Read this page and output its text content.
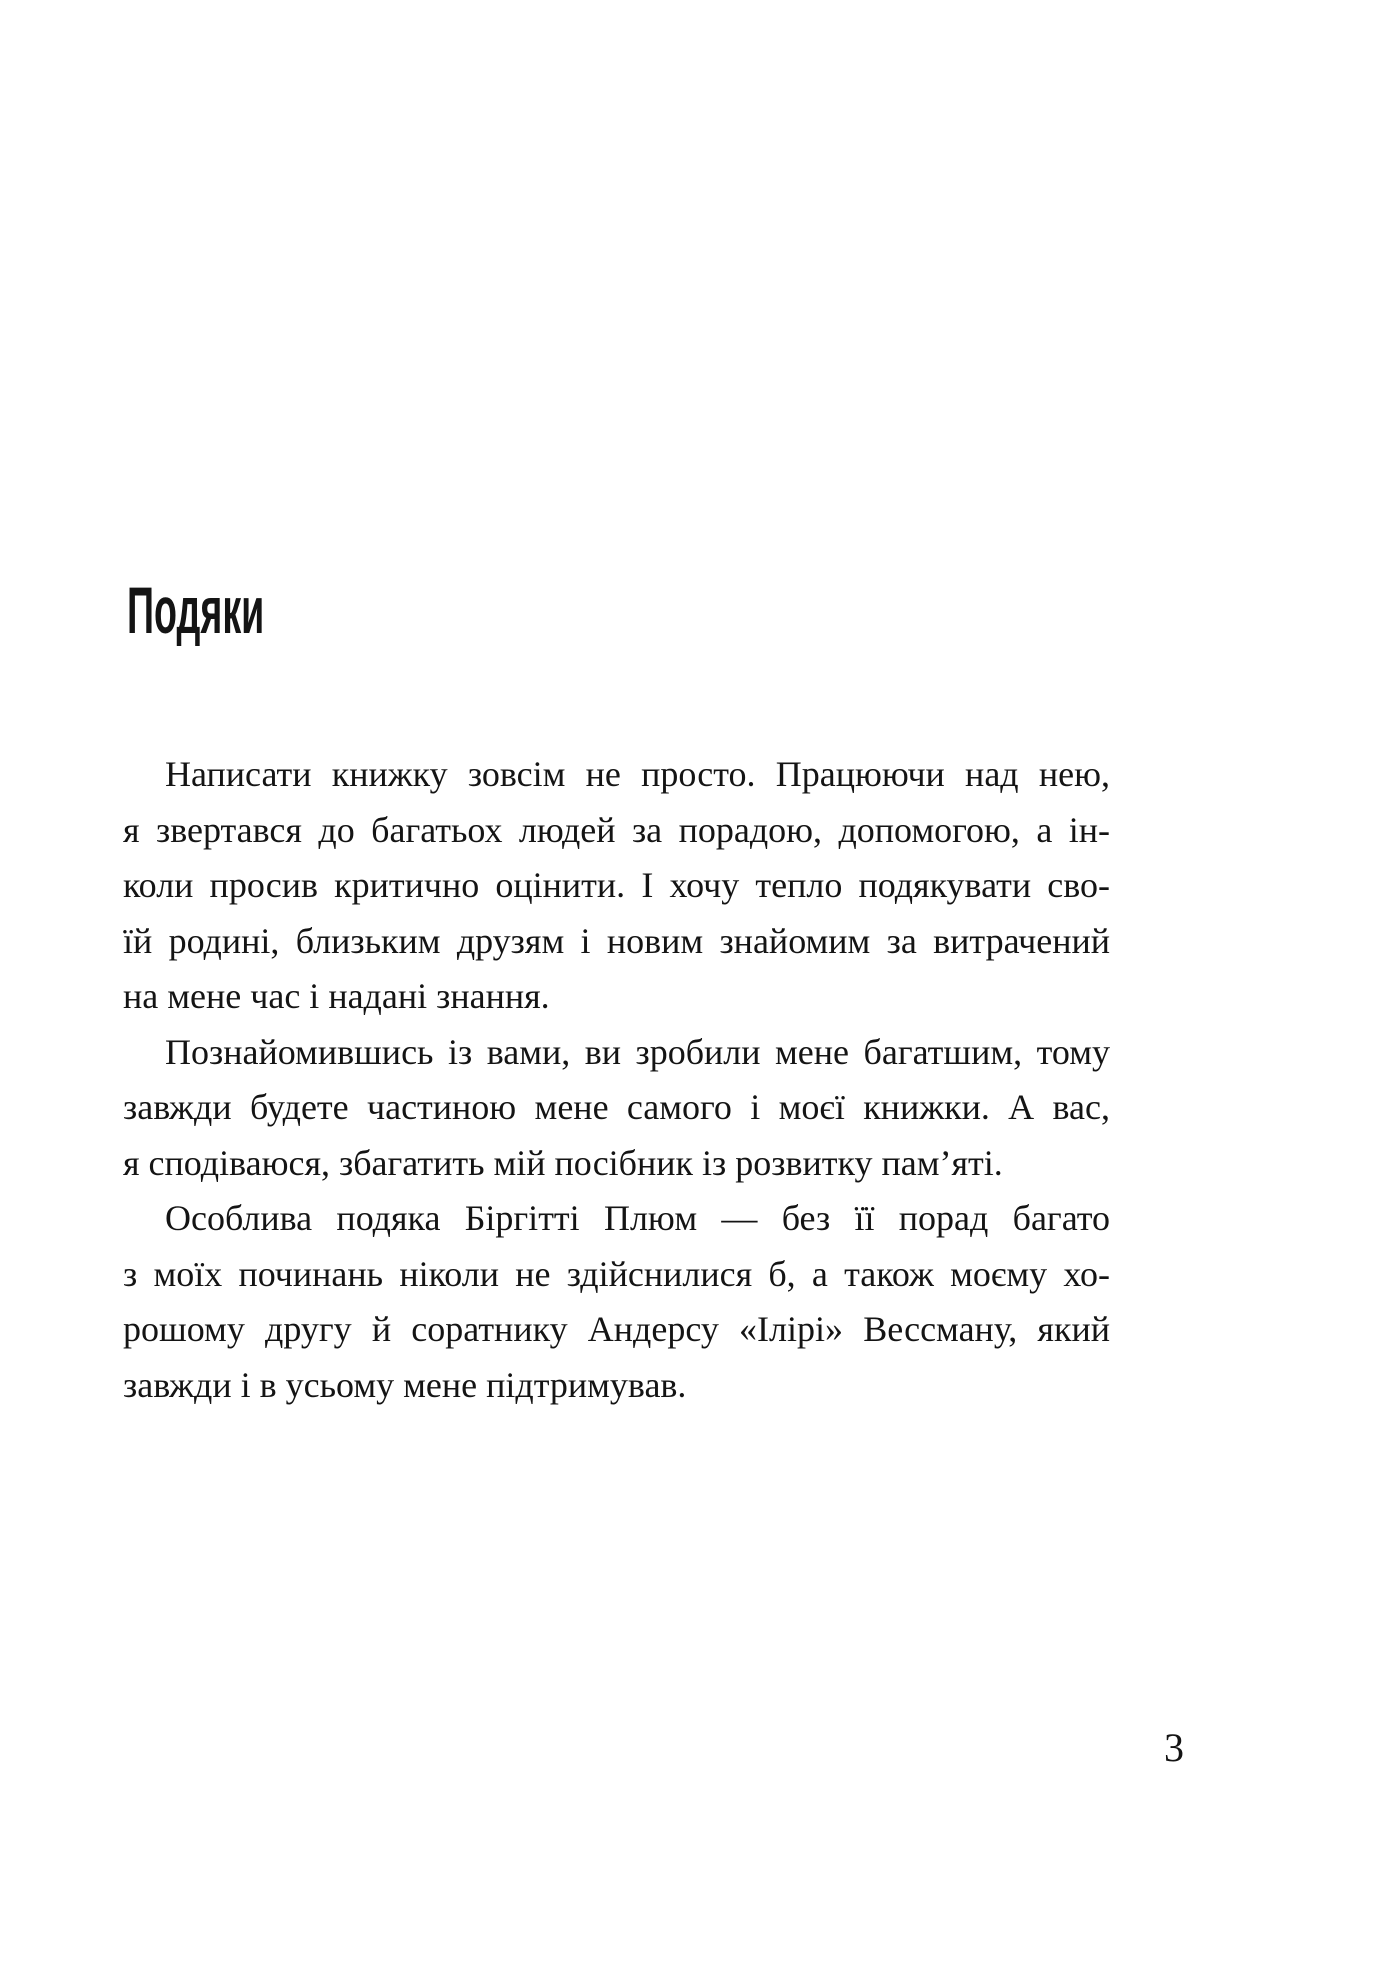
Подяки
Написати книжку зовсім не просто. Працюючи над нею,
я звертався до багатьох людей за порадою, допомогою, а ін-
коли просив критично оцінити. І хочу тепло подякувати сво-
їй родині, близьким друзям і новим знайомим за витрачений
на мене час і надані знання.
Познайомившись із вами, ви зробили мене багатшим, тому
завжди будете частиною мене самого і моєї книжки. А вас,
я сподіваюся, збагатить мій посібник із розвитку пам’яті.
Особлива подяка Біргітті Плюм — без її порад багато
з моїх починань ніколи не здійснилися б, а також моєму хо-
рошому другу й соратнику Андерсу «Ілірі» Вессману, який
завжди і в усьому мене підтримував.
3
